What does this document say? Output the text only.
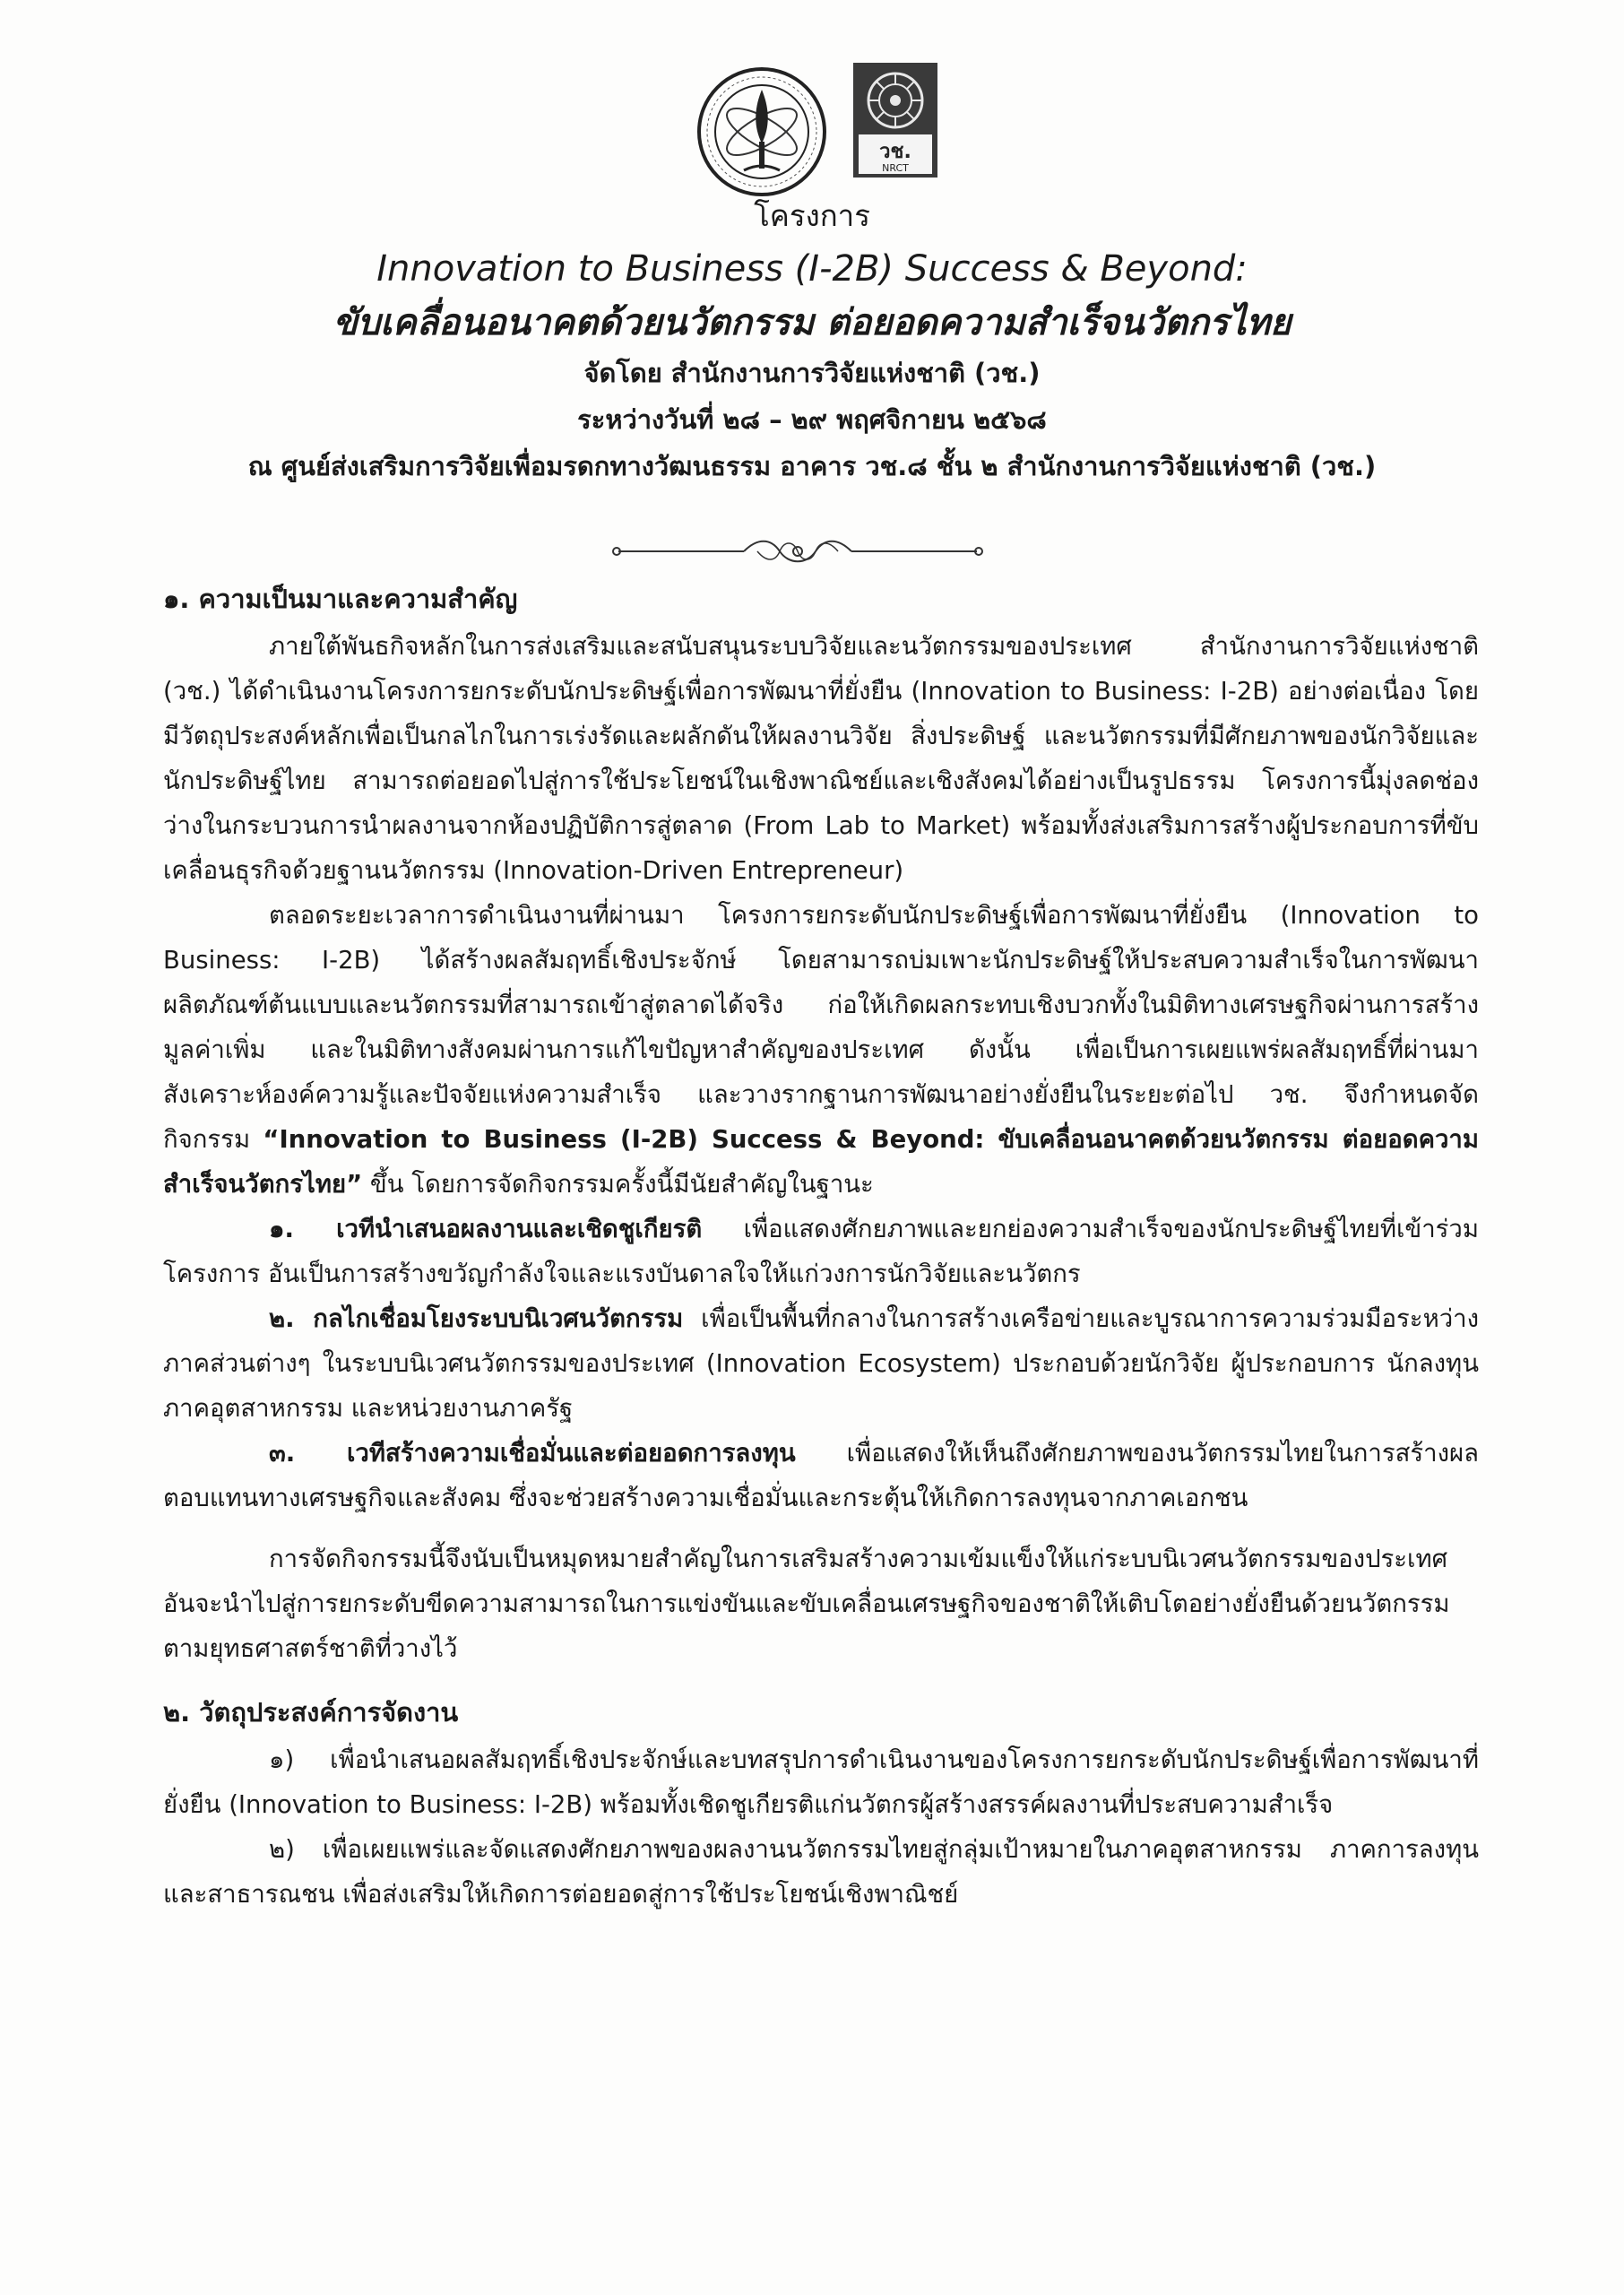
วช.
NRCT
โครงการ
Innovation to Business (I-2B) Success & Beyond:
ขับเคลื่อนอนาคตด้วยนวัตกรรม ต่อยอดความสำเร็จนวัตกรไทย
จัดโดย สำนักงานการวิจัยแห่งชาติ (วช.)
ระหว่างวันที่ ๒๘ – ๒๙ พฤศจิกายน ๒๕๖๘
ณ ศูนย์ส่งเสริมการวิจัยเพื่อมรดกทางวัฒนธรรม อาคาร วช.๘ ชั้น ๒ สำนักงานการวิจัยแห่งชาติ (วช.)

๑. ความเป็นมาและความสำคัญ

ภายใต้พันธกิจหลักในการส่งเสริมและสนับสนุนระบบวิจัยและนวัตกรรมของประเทศ สำนักงานการวิจัยแห่งชาติ (วช.) ได้ดำเนินงานโครงการยกระดับนักประดิษฐ์เพื่อการพัฒนาที่ยั่งยืน (Innovation to Business: I-2B) อย่างต่อเนื่อง โดยมีวัตถุประสงค์หลักเพื่อเป็นกลไกในการเร่งรัดและผลักดันให้ผลงานวิจัย สิ่งประดิษฐ์ และนวัตกรรมที่มีศักยภาพของนักวิจัยและนักประดิษฐ์ไทย สามารถต่อยอดไปสู่การใช้ประโยชน์ในเชิงพาณิชย์และเชิงสังคมได้อย่างเป็นรูปธรรม โครงการนี้มุ่งลดช่องว่างในกระบวนการนำผลงานจากห้องปฏิบัติการสู่ตลาด (From Lab to Market) พร้อมทั้งส่งเสริมการสร้างผู้ประกอบการที่ขับเคลื่อนธุรกิจด้วยฐานนวัตกรรม (Innovation-Driven Entrepreneur)

ตลอดระยะเวลาการดำเนินงานที่ผ่านมา โครงการยกระดับนักประดิษฐ์เพื่อการพัฒนาที่ยั่งยืน (Innovation to Business: I-2B) ได้สร้างผลสัมฤทธิ์เชิงประจักษ์ โดยสามารถบ่มเพาะนักประดิษฐ์ให้ประสบความสำเร็จในการพัฒนาผลิตภัณฑ์ต้นแบบและนวัตกรรมที่สามารถเข้าสู่ตลาดได้จริง ก่อให้เกิดผลกระทบเชิงบวกทั้งในมิติทางเศรษฐกิจผ่านการสร้างมูลค่าเพิ่ม และในมิติทางสังคมผ่านการแก้ไขปัญหาสำคัญของประเทศ ดังนั้น เพื่อเป็นการเผยแพร่ผลสัมฤทธิ์ที่ผ่านมา สังเคราะห์องค์ความรู้และปัจจัยแห่งความสำเร็จ และวางรากฐานการพัฒนาอย่างยั่งยืนในระยะต่อไป วช. จึงกำหนดจัดกิจกรรม “Innovation to Business (I-2B) Success & Beyond: ขับเคลื่อนอนาคตด้วยนวัตกรรม ต่อยอดความสำเร็จนวัตกรไทย” ขึ้น โดยการจัดกิจกรรมครั้งนี้มีนัยสำคัญในฐานะ

๑. เวทีนำเสนอผลงานและเชิดชูเกียรติ เพื่อแสดงศักยภาพและยกย่องความสำเร็จของนักประดิษฐ์ไทยที่เข้าร่วมโครงการ อันเป็นการสร้างขวัญกำลังใจและแรงบันดาลใจให้แก่วงการนักวิจัยและนวัตกร

๒. กลไกเชื่อมโยงระบบนิเวศนวัตกรรม เพื่อเป็นพื้นที่กลางในการสร้างเครือข่ายและบูรณาการความร่วมมือระหว่างภาคส่วนต่างๆ ในระบบนิเวศนวัตกรรมของประเทศ (Innovation Ecosystem) ประกอบด้วยนักวิจัย ผู้ประกอบการ นักลงทุน ภาคอุตสาหกรรม และหน่วยงานภาครัฐ

๓. เวทีสร้างความเชื่อมั่นและต่อยอดการลงทุน เพื่อแสดงให้เห็นถึงศักยภาพของนวัตกรรมไทยในการสร้างผลตอบแทนทางเศรษฐกิจและสังคม ซึ่งจะช่วยสร้างความเชื่อมั่นและกระตุ้นให้เกิดการลงทุนจากภาคเอกชน

การจัดกิจกรรมนี้จึงนับเป็นหมุดหมายสำคัญในการเสริมสร้างความเข้มแข็งให้แก่ระบบนิเวศนวัตกรรมของประเทศ อันจะนำไปสู่การยกระดับขีดความสามารถในการแข่งขันและขับเคลื่อนเศรษฐกิจของชาติให้เติบโตอย่างยั่งยืนด้วยนวัตกรรมตามยุทธศาสตร์ชาติที่วางไว้

๒. วัตถุประสงค์การจัดงาน

๑) เพื่อนำเสนอผลสัมฤทธิ์เชิงประจักษ์และบทสรุปการดำเนินงานของโครงการยกระดับนักประดิษฐ์เพื่อการพัฒนาที่ยั่งยืน (Innovation to Business: I-2B) พร้อมทั้งเชิดชูเกียรติแก่นวัตกรผู้สร้างสรรค์ผลงานที่ประสบความสำเร็จ

๒) เพื่อเผยแพร่และจัดแสดงศักยภาพของผลงานนวัตกรรมไทยสู่กลุ่มเป้าหมายในภาคอุตสาหกรรม ภาคการลงทุน และสาธารณชน เพื่อส่งเสริมให้เกิดการต่อยอดสู่การใช้ประโยชน์เชิงพาณิชย์
